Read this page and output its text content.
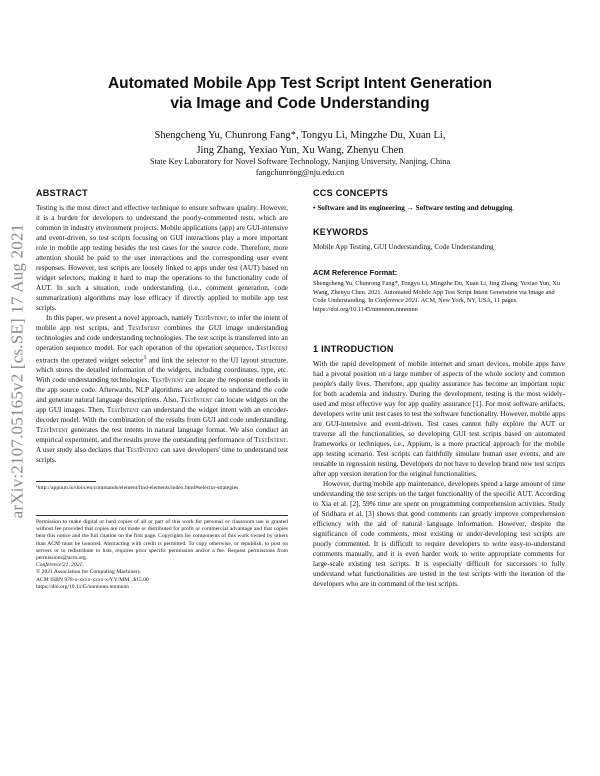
arXiv:2107.05165v2 [cs.SE] 17 Aug 2021
Automated Mobile App Test Script Intent Generation
via Image and Code Understanding
Shengcheng Yu, Chunrong Fang*, Tongyu Li, Mingzhe Du, Xuan Li,
Jing Zhang, Yexiao Yun, Xu Wang, Zhenyu Chen
State Key Laboratory for Novel Software Technology, Nanjing University, Nanjing, China
fangchunrong@nju.edu.cn
ABSTRACT

Testing is the most direct and effective technique to ensure software quality. However, it is a burden for developers to understand the poorly-commented tests, which are common in industry environment projects. Mobile applications (app) are GUI-intensive and event-driven, so test scripts focusing on GUI interactions play a more important role in mobile app testing besides the test cases for the source code. Therefore, more attention should be paid to the user interactions and the corresponding user event responses. However, test scripts are loosely linked to apps under test (AUT) based on widget selectors, making it hard to map the operations to the functionality code of AUT. In such a situation, code understanding (i.e., comment generation, code summarization) algorithms may lose efficacy if directly applied to mobile app test scripts.

In this paper, we present a novel approach, namely TestIntent, to infer the intent of mobile app test scripts, and TestIntent combines the GUI image understanding technologies and code understanding technologies. The test script is transferred into an operation sequence model. For each operation of the operation sequence, TestIntent extracts the operated widget selector$^1$ and link the selector to the UI layout structure, which stores the detailed information of the widgets, including coordinates, type, etc. With code understanding technologies, TestIntent can locate the response methods in the app source code. Afterwards, NLP algorithms are adopted to understand the code and generate natural language descriptions. Also, TestIntent can locate widgets on the app GUI images. Then, TestIntent can understand the widget intent with an encoder-decoder model. With the combination of the results from GUI and code understanding, TestIntent generates the test intents in natural language format. We also conduct an empirical experiment, and the results prove the outstanding performance of TestIntent. A user study also declares that TestIntent can save developers' time to understand test scripts.

¹http://appium.io/docs/en/commands/element/find-elements/index.html#selector-strategies

Permission to make digital or hard copies of all or part of this work for personal or classroom use is granted without fee provided that copies are not made or distributed for profit or commercial advantage and that copies bear this notice and the full citation on the first page. Copyrights for components of this work owned by others than ACM must be honored. Abstracting with credit is permitted. To copy otherwise, or republish, to post on servers or to redistribute to lists, requires prior specific permission and/or a fee. Request permissions from permissions@acm.org.

Conference'21, 2021,
© 2021 Association for Computing Machinery.
ACM ISBN 978-x-xxxx-xxxx-x/YY/MM...$15.00
https://doi.org/10.1145/nnnnnnn.nnnnnnn
CCS CONCEPTS
• Software and its engineering → Software testing and debugging.
KEYWORDS
Mobile App Testing, GUI Understanding, Code Understanding
ACM Reference Format:
Shengcheng Yu, Chunrong Fang*, Tongyu Li, Mingzhe Du, Xuan Li, Jing Zhang, Yexiao Yun, Xu Wang, Zhenyu Chen. 2021. Automated Mobile App Test Script Intent Generation via Image and Code Understanding. In Conference 2021. ACM, New York, NY, USA, 11 pages. https://doi.org/10.1145/nnnnnnn.nnnnnnn
1 INTRODUCTION

With the rapid development of mobile internet and smart devices, mobile apps have had a pivotal position on a large number of aspects of the whole society and common people's daily lives. Therefore, app quality assurance has become an important topic for both academia and industry. During the development, testing is the most widely-used and most effective way for app quality assurance [1]. For most software artifacts, developers write unit test cases to test the software functionality. However, mobile apps are GUI-intensive and event-driven. Test cases cannot fully explore the AUT or traverse all the functionalities, so developing GUI test scripts based on automated frameworks or techniques, i.e., Appium, is a more practical approach for the mobile app testing scenario. Test scripts can faithfully simulate human user events, and are reusable in regression testing. Developers do not have to develop brand new test scripts after app version iteration for the original functionalities.

However, during mobile app maintenance, developers spend a large amount of time understanding the test scripts on the target functionality of the specific AUT. According to Xia et al. [2], 59% time are spent on programming comprehension activities. Study of Sridhara et al. [3] shows that good comments can greatly improve comprehension efficiency with the aid of natural language information. However, despite the significance of code comments, most existing or under-developing test scripts are poorly commented. It is difficult to require developers to write easy-to-understand comments manually, and it is even harder work to write appropriate comments for large-scale existing test scripts. It is especially difficult for successors to fully understand what functionalities are tested in the test scripts with the iteration of the developers who are in command of the test scripts.
